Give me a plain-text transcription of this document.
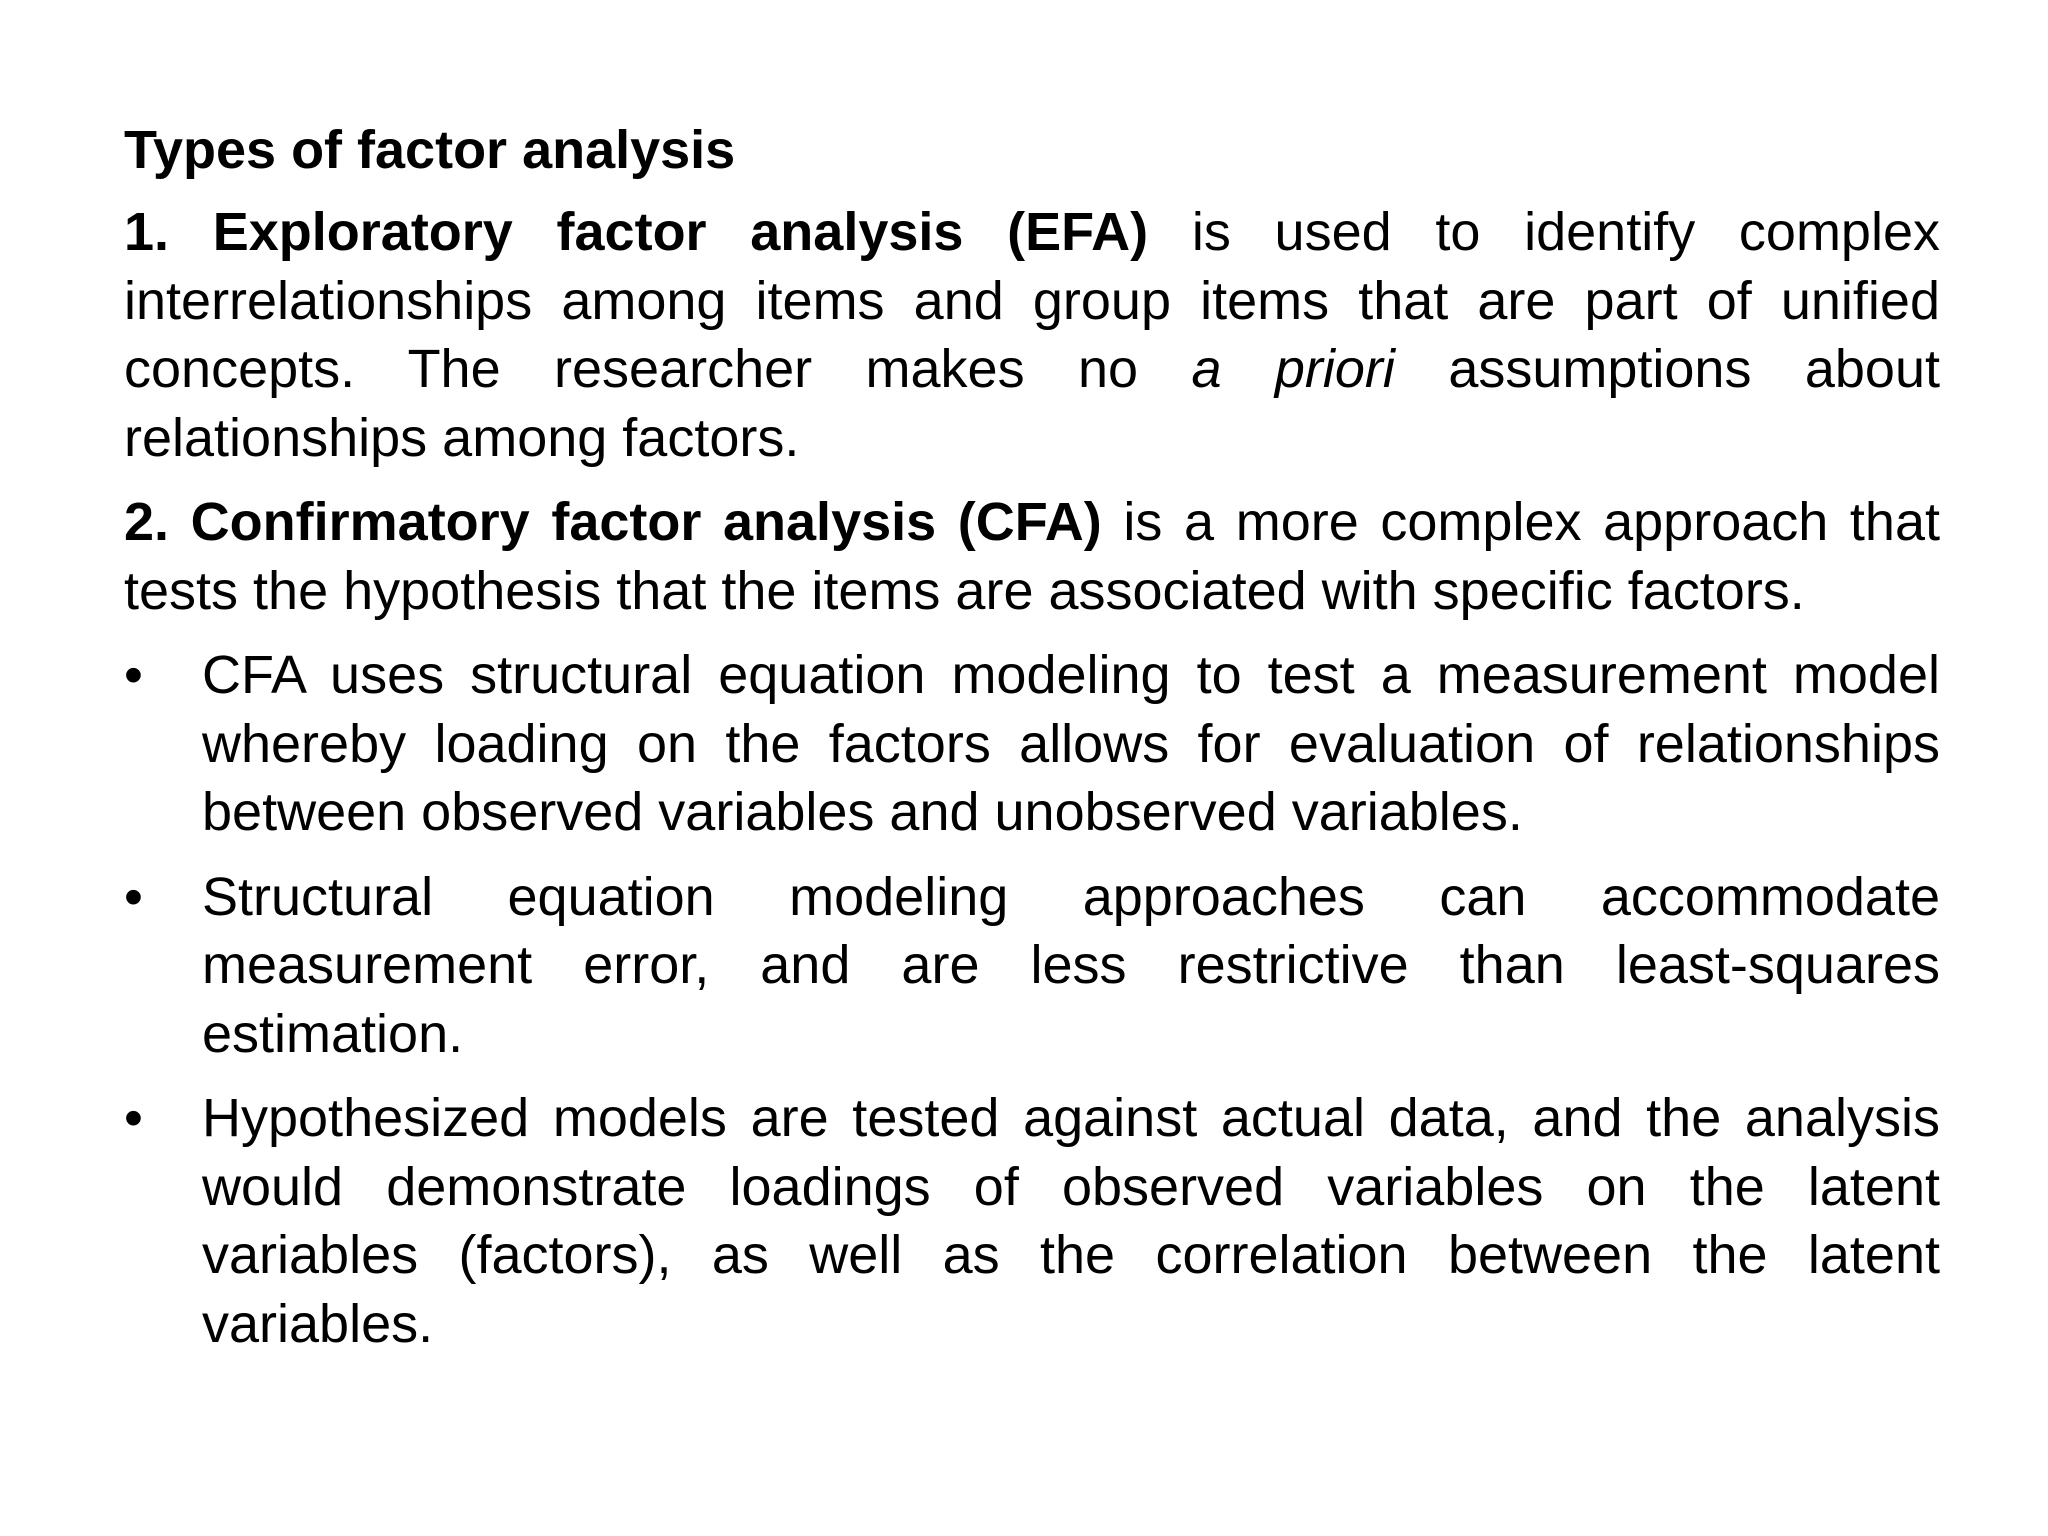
Types of factor analysis

1. Exploratory factor analysis (EFA) is used to identify complex interrelationships among items and group items that are part of unified concepts. The researcher makes no a priori assumptions about relationships among factors.

2. Confirmatory factor analysis (CFA) is a more complex approach that tests the hypothesis that the items are associated with specific factors.

•	CFA uses structural equation modeling to test a measurement model whereby loading on the factors allows for evaluation of relationships between observed variables and unobserved variables.
•	Structural equation modeling approaches can accommodate measurement error, and are less restrictive than least-squares estimation.
•	Hypothesized models are tested against actual data, and the analysis would demonstrate loadings of observed variables on the latent variables (factors), as well as the correlation between the latent variables.
